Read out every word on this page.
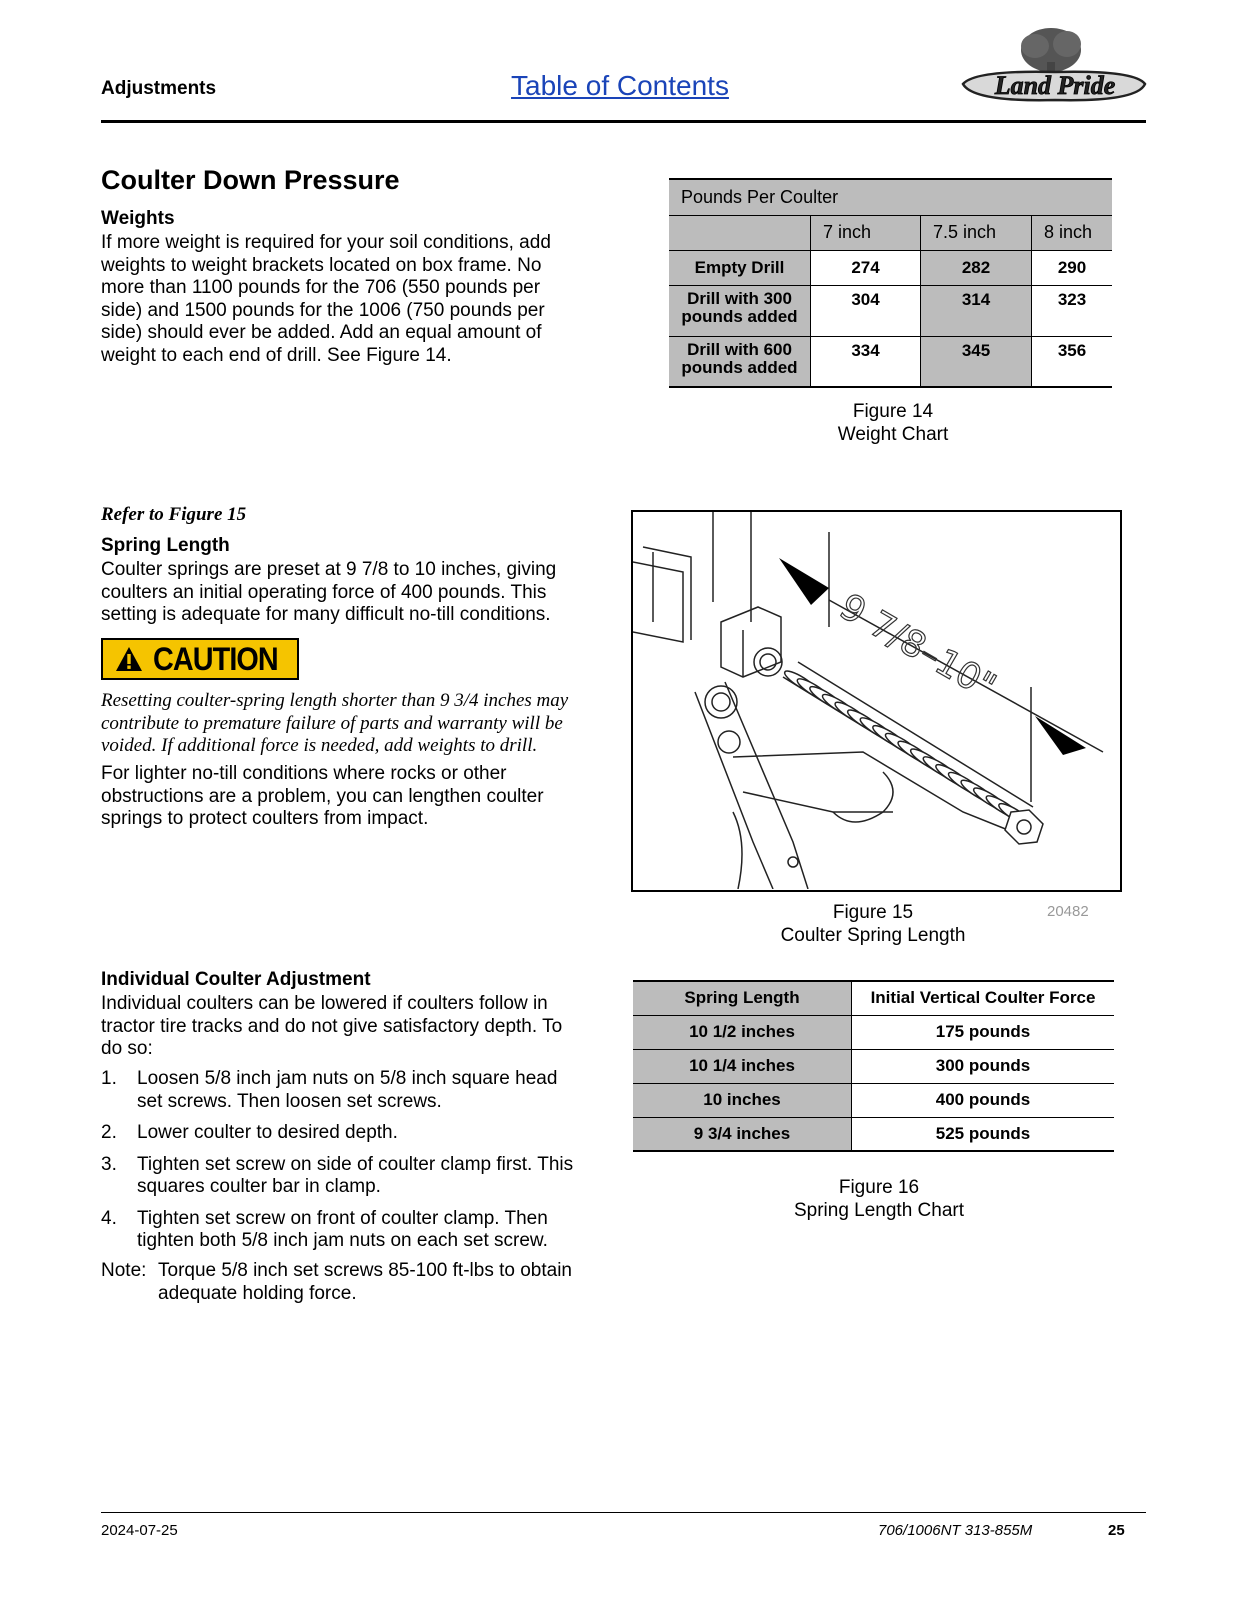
Adjustments	Table of Contents	Land Pride
Coulter Down Pressure
Weights
If more weight is required for your soil conditions, add weights to weight brackets located on box frame. No more than 1100 pounds for the 706 (550 pounds per side) and 1500 pounds for the 1006 (750 pounds per side) should ever be added. Add an equal amount of weight to each end of drill. See Figure 14.
Pounds Per Coulter			
	7 inch	7.5 inch	8 inch
Empty Drill	274	282	290
Drill with 300 pounds added	304	314	323
Drill with 600 pounds added	334	345	356
Figure 14
Weight Chart
Refer to Figure 15
Spring Length
Coulter springs are preset at 9 7/8 to 10 inches, giving coulters an initial operating force of 400 pounds. This setting is adequate for many difficult no-till conditions.
CAUTION
Resetting coulter-spring length shorter than 9 3/4 inches may contribute to premature failure of parts and warranty will be voided. If additional force is needed, add weights to drill.
For lighter no-till conditions where rocks or other obstructions are a problem, you can lengthen coulter springs to protect coulters from impact.
9 7/8–10"
Figure 15
Coulter Spring Length
20482
Individual Coulter Adjustment
Individual coulters can be lowered if coulters follow in tractor tire tracks and do not give satisfactory depth. To do so:
1. Loosen 5/8 inch jam nuts on 5/8 inch square head set screws. Then loosen set screws.
2. Lower coulter to desired depth.
3. Tighten set screw on side of coulter clamp first. This squares coulter bar in clamp.
4. Tighten set screw on front of coulter clamp. Then tighten both 5/8 inch jam nuts on each set screw.
Note: Torque 5/8 inch set screws 85-100 ft-lbs to obtain adequate holding force.
Spring Length	Initial Vertical Coulter Force
10 1/2 inches	175 pounds
10 1/4 inches	300 pounds
10 inches	400 pounds
9 3/4 inches	525 pounds
Figure 16
Spring Length Chart
2024-07-25	706/1006NT 313-855M	25
